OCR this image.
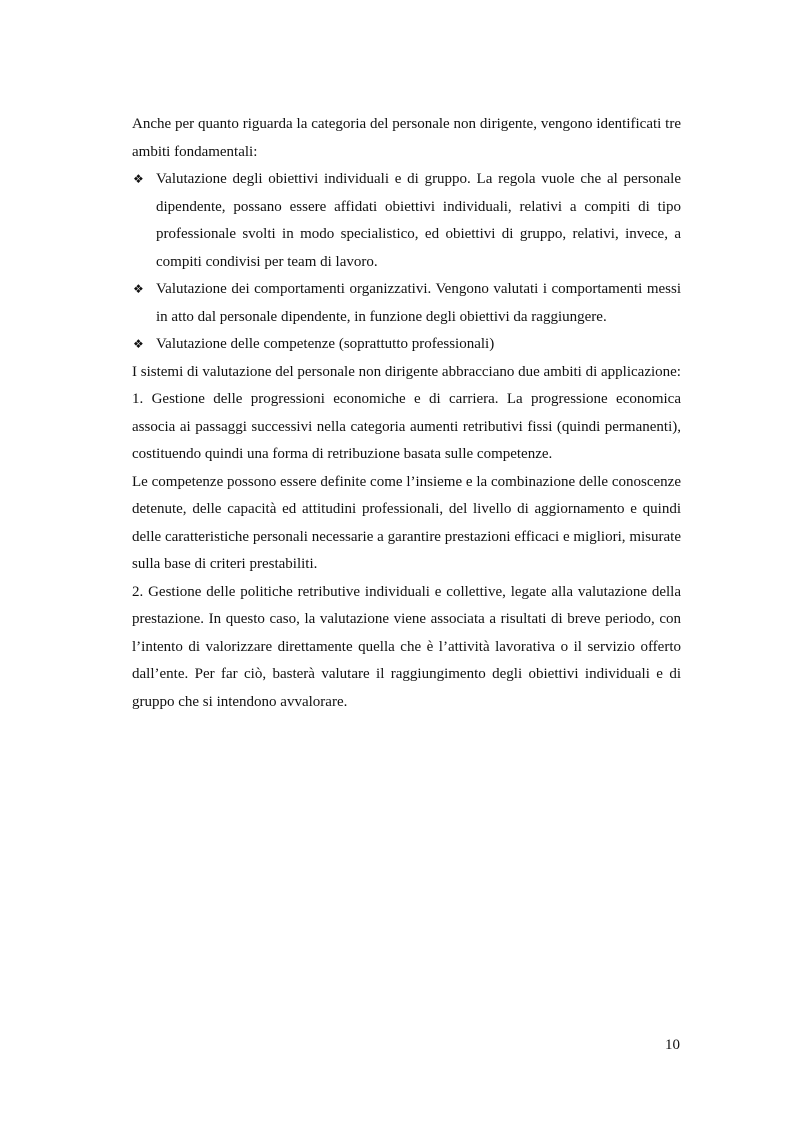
Anche per quanto riguarda la categoria del personale non dirigente, vengono identificati tre ambiti fondamentali:

❖ Valutazione degli obiettivi individuali e di gruppo. La regola vuole che al personale dipendente, possano essere affidati obiettivi individuali, relativi a compiti di tipo professionale svolti in modo specialistico, ed obiettivi di gruppo, relativi, invece, a compiti condivisi per team di lavoro.
❖ Valutazione dei comportamenti organizzativi. Vengono valutati i comportamenti messi in atto dal personale dipendente, in funzione degli obiettivi da raggiungere.
❖ Valutazione delle competenze (soprattutto professionali)

I sistemi di valutazione del personale non dirigente abbracciano due ambiti di applicazione:

1. Gestione delle progressioni economiche e di carriera. La progressione economica associa ai passaggi successivi nella categoria aumenti retributivi fissi (quindi permanenti), costituendo quindi una forma di retribuzione basata sulle competenze.

Le competenze possono essere definite come l’insieme e la combinazione delle conoscenze detenute, delle capacità ed attitudini professionali, del livello di aggiornamento e quindi delle caratteristiche personali necessarie a garantire prestazioni efficaci e migliori, misurate sulla base di criteri prestabiliti.

2. Gestione delle politiche retributive individuali e collettive, legate alla valutazione della prestazione. In questo caso, la valutazione viene associata a risultati di breve periodo, con l’intento di valorizzare direttamente quella che è l’attività lavorativa o il servizio offerto dall’ente. Per far ciò, basterà valutare il raggiungimento degli obiettivi individuali e di gruppo che si intendono avvalorare.

10
